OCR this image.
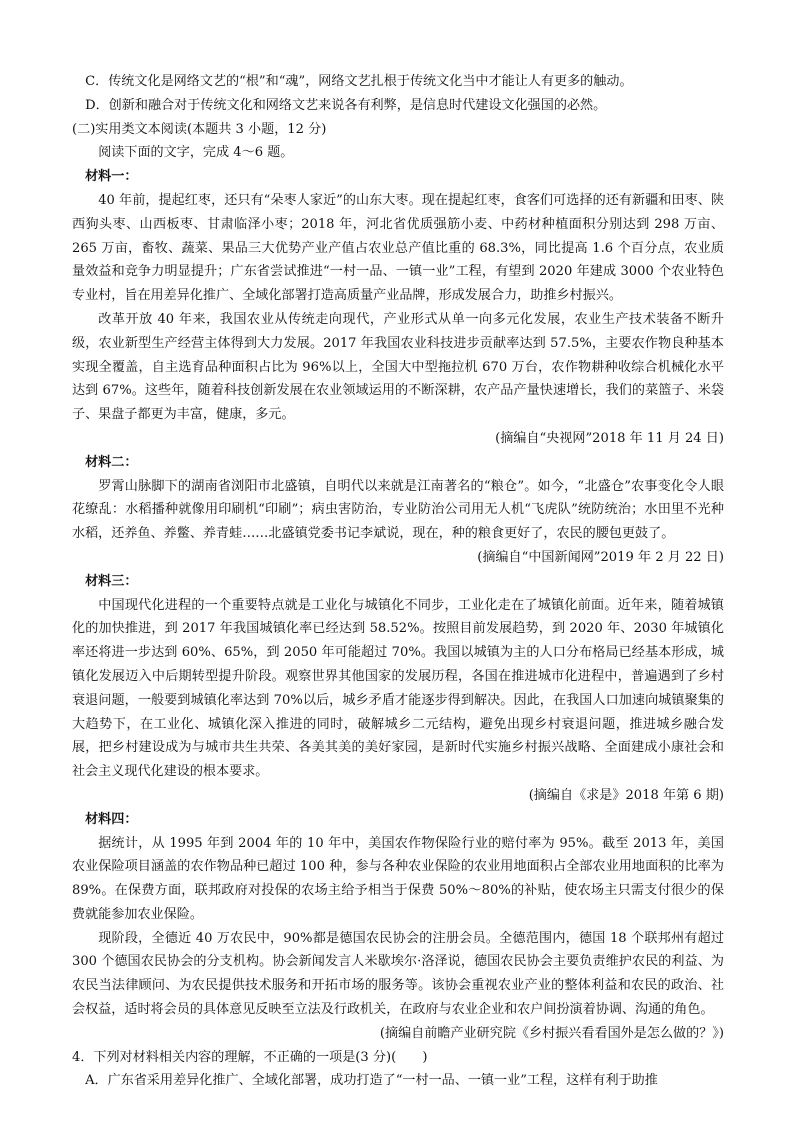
C．传统文化是网络文艺的“根”和“魂”，网络文艺扎根于传统文化当中才能让人有更多的触动。

D．创新和融合对于传统文化和网络文艺来说各有利弊，是信息时代建设文化强国的必然。

(二)实用类文本阅读(本题共 3 小题，12 分)

阅读下面的文字，完成 4～6 题。

材料一：

40 年前，提起红枣，还只有“朵枣人家近”的山东大枣。现在提起红枣，食客们可选择的还有新疆和田枣、陕西狗头枣、山西板枣、甘肃临泽小枣；2018 年，河北省优质强筋小麦、中药材种植面积分别达到 298 万亩、265 万亩，畜牧、蔬菜、果品三大优势产业产值占农业总产值比重的 68.3%，同比提高 1.6 个百分点，农业质量效益和竞争力明显提升；广东省尝试推进“一村一品、一镇一业”工程，有望到 2020 年建成 3000 个农业特色专业村，旨在用差异化推广、全域化部署打造高质量产业品牌，形成发展合力，助推乡村振兴。

改革开放 40 年来，我国农业从传统走向现代，产业形式从单一向多元化发展，农业生产技术装备不断升级，农业新型生产经营主体得到大力发展。2017 年我国农业科技进步贡献率达到 57.5%，主要农作物良种基本实现全覆盖，自主选育品种面积占比为 96%以上，全国大中型拖拉机 670 万台，农作物耕种收综合机械化水平达到 67%。这些年，随着科技创新发展在农业领域运用的不断深耕，农产品产量快速增长，我们的菜篮子、米袋子、果盘子都更为丰富，健康，多元。

(摘编自“央视网”2018 年 11 月 24 日)

材料二：

罗霄山脉脚下的湖南省浏阳市北盛镇，自明代以来就是江南著名的“粮仓”。如今，“北盛仓”农事变化令人眼花缭乱：水稻播种就像用印刷机“印刷”；病虫害防治，专业防治公司用无人机“飞虎队”统防统治；水田里不光种水稻，还养鱼、养鳖、养青蛙……北盛镇党委书记李斌说，现在，种的粮食更好了，农民的腰包更鼓了。

(摘编自“中国新闻网”2019 年 2 月 22 日)

材料三：

中国现代化进程的一个重要特点就是工业化与城镇化不同步，工业化走在了城镇化前面。近年来，随着城镇化的加快推进，到 2017 年我国城镇化率已经达到 58.52%。按照目前发展趋势，到 2020 年、2030 年城镇化率还将进一步达到 60%、65%，到 2050 年可能超过 70%。我国以城镇为主的人口分布格局已经基本形成，城镇化发展迈入中后期转型提升阶段。观察世界其他国家的发展历程，各国在推进城市化进程中，普遍遇到了乡村衰退问题，一般要到城镇化率达到 70%以后，城乡矛盾才能逐步得到解决。因此，在我国人口加速向城镇聚集的大趋势下，在工业化、城镇化深入推进的同时，破解城乡二元结构，避免出现乡村衰退问题，推进城乡融合发展，把乡村建设成为与城市共生共荣、各美其美的美好家园，是新时代实施乡村振兴战略、全面建成小康社会和社会主义现代化建设的根本要求。

(摘编自《求是》2018 年第 6 期)

材料四：

据统计，从 1995 年到 2004 年的 10 年中，美国农作物保险行业的赔付率为 95%。截至 2013 年，美国农业保险项目涵盖的农作物品种已超过 100 种，参与各种农业保险的农业用地面积占全部农业用地面积的比率为 89%。在保费方面，联邦政府对投保的农场主给予相当于保费 50%～80%的补贴，使农场主只需支付很少的保费就能参加农业保险。

现阶段，全德近 40 万农民中，90%都是德国农民协会的注册会员。全德范围内，德国 18 个联邦州有超过 300 个德国农民协会的分支机构。协会新闻发言人米歇埃尔·洛泽说，德国农民协会主要负责维护农民的利益、为农民当法律顾问、为农民提供技术服务和开拓市场的服务等。该协会重视农业产业的整体利益和农民的政治、社会权益，适时将会员的具体意见反映至立法及行政机关，在政府与农业企业和农户间扮演着协调、沟通的角色。

(摘编自前瞻产业研究院《乡村振兴看看国外是怎么做的？》)

4．下列对材料相关内容的理解，不正确的一项是(3 分)(　　)

A．广东省采用差异化推广、全域化部署，成功打造了“一村一品、一镇一业”工程，这样有利于助推
